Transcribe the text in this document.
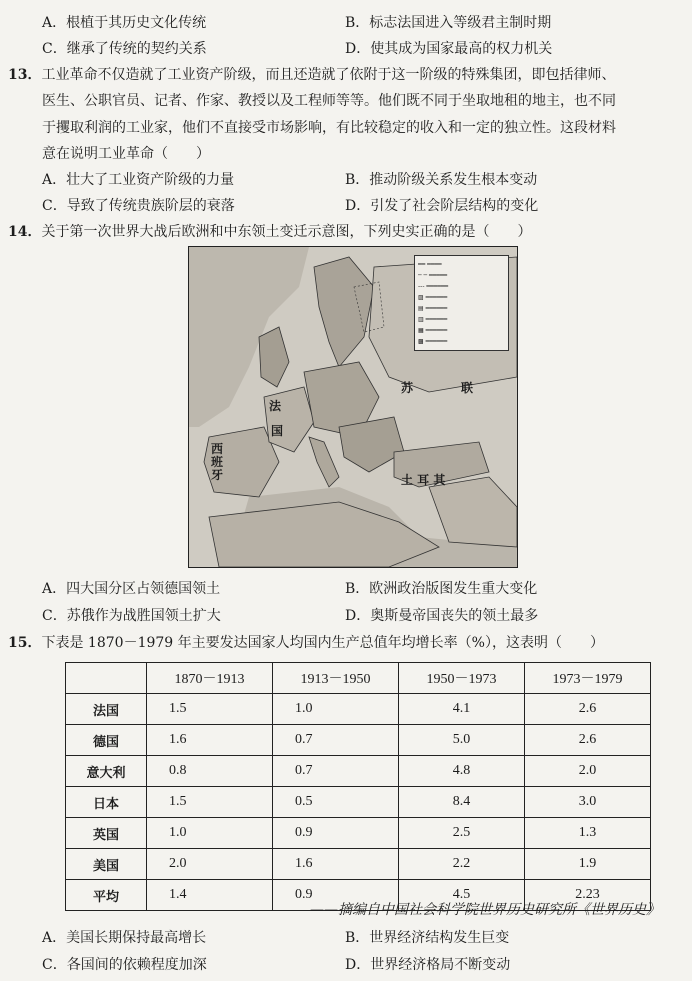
A．根植于其历史文化传统	B．标志法国进入等级君主制时期
C．继承了传统的契约关系	D．使其成为国家最高的权力机关
13．工业革命不仅造就了工业资产阶级，而且还造就了依附于这一阶级的特殊集团，即包括律师、
医生、公职官员、记者、作家、教授以及工程师等等。他们既不同于坐取地租的地主，也不同
于攫取利润的工业家，他们不直接受市场影响，有比较稳定的收入和一定的独立性。这段材料
意在说明工业革命（　　）
A．壮大了工业资产阶级的力量	B．推动阶级关系发生根本变动
C．导致了传统贵族阶层的衰落	D．引发了社会阶层结构的变化
14．关于第一次世界大战后欧洲和中东领土变迁示意图，下列史实正确的是（　　）
━━ ━━━━
─ ─ ━━━━━
--- ━━━━━━
▨ ━━━━━━
▤ ━━━━━━
▥ ━━━━━━
▦ ━━━━━━
▩ ━━━━━━
苏	联
土 耳 其
西 班 牙
法
国
A．四大国分区占领德国领土	B．欧洲政治版图发生重大变化
C．苏俄作为战胜国领土扩大	D．奥斯曼帝国丧失的领土最多
15．下表是 1870－1979 年主要发达国家人均国内生产总值年均增长率（%），这表明（　　）
	1870－1913	1913－1950	1950－1973	1973－1979
法国	1.5	1.0	4.1	2.6
德国	1.6	0.7	5.0	2.6
意大利	0.8	0.7	4.8	2.0
日本	1.5	0.5	8.4	3.0
英国	1.0	0.9	2.5	1.3
美国	2.0	1.6	2.2	1.9
平均	1.4	0.9	4.5	2.23
——摘编自中国社会科学院世界历史研究所《世界历史》
A．美国长期保持最高增长	B．世界经济结构发生巨变
C．各国间的依赖程度加深	D．世界经济格局不断变动
